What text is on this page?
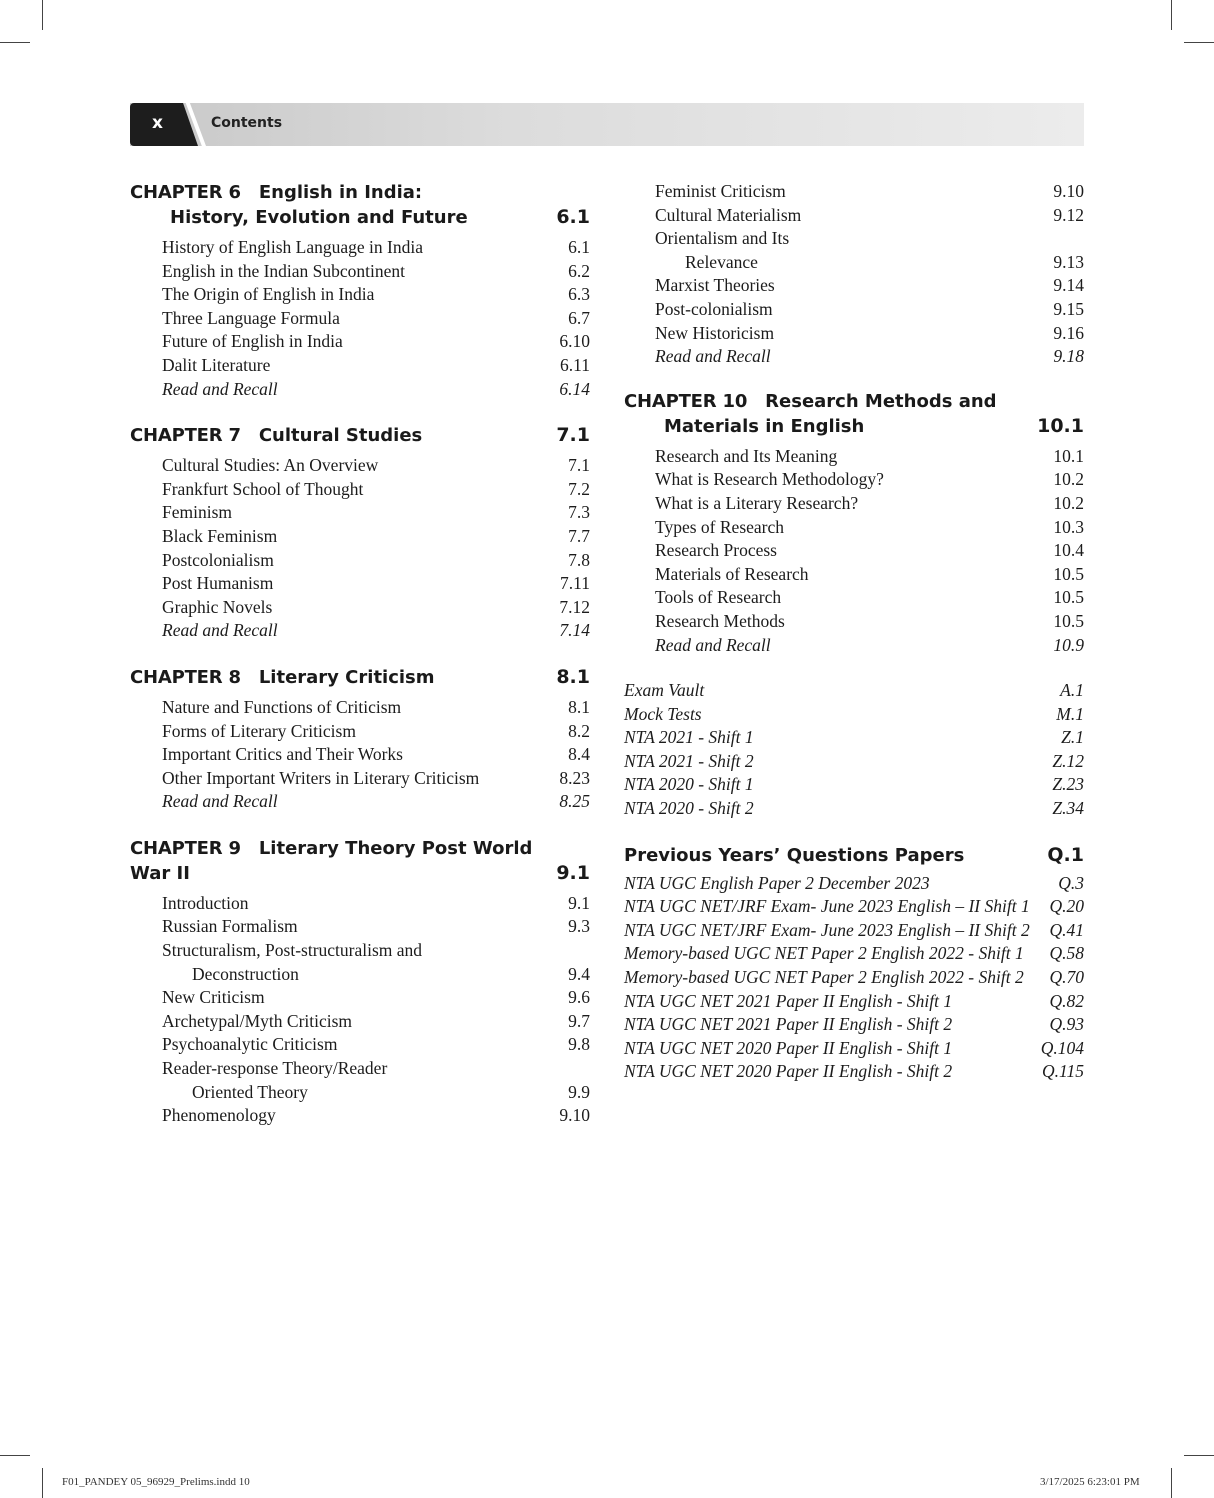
x	Contents
CHAPTER 6 English in India:
History, Evolution and Future	6.1
History of English Language in India	6.1
English in the Indian Subcontinent	6.2
The Origin of English in India	6.3
Three Language Formula	6.7
Future of English in India	6.10
Dalit Literature	6.11
Read and Recall	6.14
CHAPTER 7 Cultural Studies	7.1
Cultural Studies: An Overview	7.1
Frankfurt School of Thought	7.2
Feminism	7.3
Black Feminism	7.7
Postcolonialism	7.8
Post Humanism	7.11
Graphic Novels	7.12
Read and Recall	7.14
CHAPTER 8 Literary Criticism	8.1
Nature and Functions of Criticism	8.1
Forms of Literary Criticism	8.2
Important Critics and Their Works	8.4
Other Important Writers in Literary Criticism	8.23
Read and Recall	8.25
CHAPTER 9 Literary Theory Post World War II	9.1
Introduction	9.1
Russian Formalism	9.3
Structuralism, Post-structuralism and
Deconstruction	9.4
New Criticism	9.6
Archetypal/Myth Criticism	9.7
Psychoanalytic Criticism	9.8
Reader-response Theory/Reader
Oriented Theory	9.9
Phenomenology	9.10
Feminist Criticism	9.10
Cultural Materialism	9.12
Orientalism and Its
Relevance	9.13
Marxist Theories	9.14
Post-colonialism	9.15
New Historicism	9.16
Read and Recall	9.18
CHAPTER 10 Research Methods and
Materials in English	10.1
Research and Its Meaning	10.1
What is Research Methodology?	10.2
What is a Literary Research?	10.2
Types of Research	10.3
Research Process	10.4
Materials of Research	10.5
Tools of Research	10.5
Research Methods	10.5
Read and Recall	10.9
Exam Vault	A.1
Mock Tests	M.1
NTA 2021 - Shift 1	Z.1
NTA 2021 - Shift 2	Z.12
NTA 2020 - Shift 1	Z.23
NTA 2020 - Shift 2	Z.34
Previous Years’ Questions Papers	Q.1
NTA UGC English Paper 2 December 2023	Q.3
NTA UGC NET/JRF Exam- June 2023 English – II Shift 1 Q.20
NTA UGC NET/JRF Exam- June 2023 English – II Shift 2 Q.41
Memory-based UGC NET Paper 2 English 2022 - Shift 1 Q.58
Memory-based UGC NET Paper 2 English 2022 - Shift 2 Q.70
NTA UGC NET 2021 Paper II English - Shift 1	Q.82
NTA UGC NET 2021 Paper II English - Shift 2	Q.93
NTA UGC NET 2020 Paper II English - Shift 1	Q.104
NTA UGC NET 2020 Paper II English - Shift 2	Q.115
F01_PANDEY 05_96929_Prelims.indd 10	3/17/2025 6:23:01 PM
